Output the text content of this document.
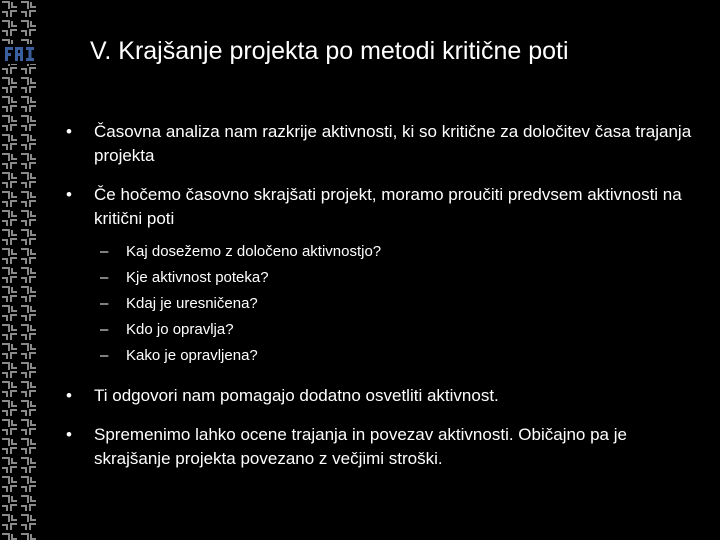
V. Krajšanje projekta po metodi kritične poti
•	Časovna analiza nam razkrije aktivnosti, ki so kritične za določitev časa trajanja projekta
•	Če hočemo časovno skrajšati projekt, moramo proučiti predvsem aktivnosti na kritični poti
– Kaj dosežemo z določeno aktivnostjo?
– Kje aktivnost poteka?
– Kdaj je uresničena?
– Kdo jo opravlja?
– Kako je opravljena?
•	Ti odgovori nam pomagajo dodatno osvetliti aktivnost.
•	Spremenimo lahko ocene trajanja in povezav aktivnosti. Običajno pa je skrajšanje projekta povezano z večjimi stroški.
